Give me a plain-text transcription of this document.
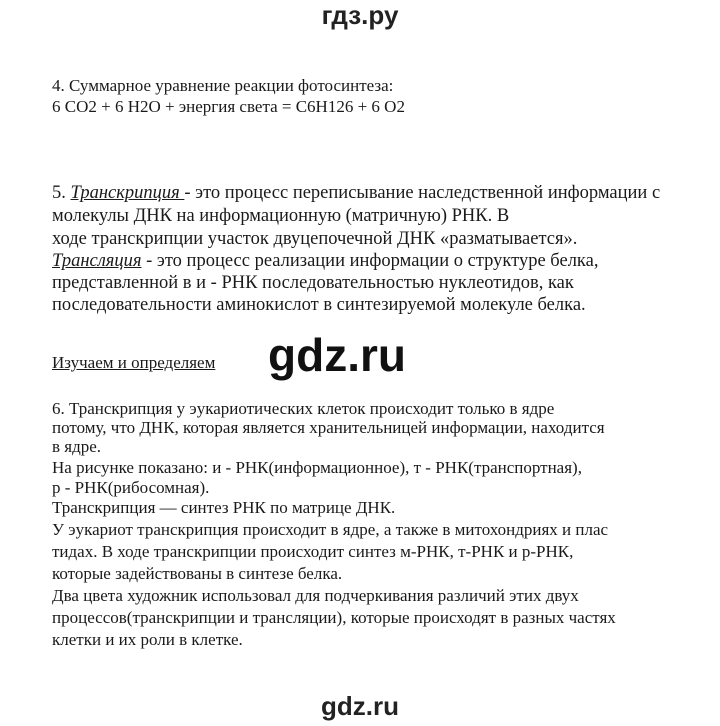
гдз.ру
4. Суммарное уравнение реакции фотосинтеза:
6 CO2 + 6 H2O + энергия света = C6H126 + 6 O2
5. Транскрипция - это процесс переписывание наследственной информации с
молекулы ДНК на информационную (матричную) РНК. В
ходе транскрипции участок двуцепочечной ДНК «разматывается».
Трансляция - это процесс реализации информации о структуре белка,
представленной в и - РНК последовательностью нуклеотидов, как
последовательности аминокислот в синтезируемой молекуле белка.
Изучаем и определяем gdz.ru
6. Транскрипция у эукариотических клеток происходит только в ядре
потому, что ДНК, которая является хранительницей информации, находится
в ядре.
На рисунке показано: и - РНК(информационное), т - РНК(транспортная),
р - РНК(рибосомная).
Транскрипция — синтез РНК по матрице ДНК.
У эукариот транскрипция происходит в ядре, а также в митохондриях и плас
тидах. В ходе транскрипции происходит синтез м-РНК, т-РНК и р-РНК,
которые задействованы в синтезе белка.
Два цвета художник использовал для подчеркивания различий этих двух
процессов(транскрипции и трансляции), которые происходят в разных частях
клетки и их роли в клетке.
gdz.ru
